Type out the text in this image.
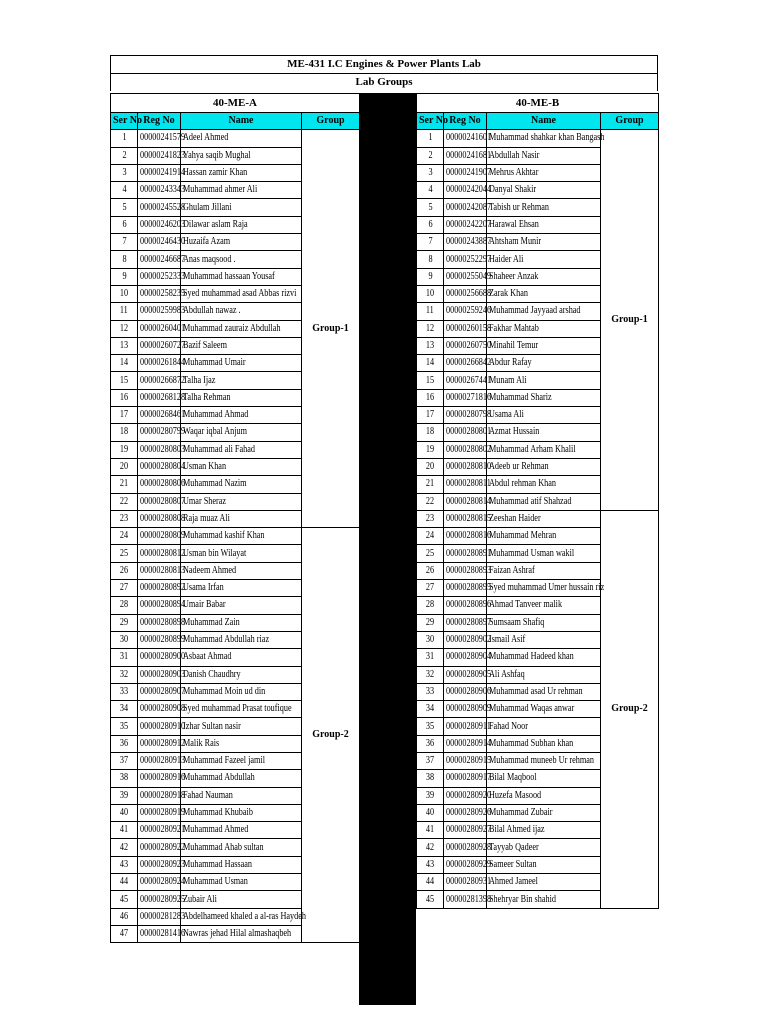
ME-431 I.C Engines & Power Plants Lab
Lab Groups
40-ME-A			
Ser No	Reg No	Name	Group
1	00000241579	Adeel Ahmed	Group-1
2	00000241823	Yahya saqib Mughal	
3	00000241914	Hassan zamir Khan	
4	00000243343	Muhammad ahmer Ali	
5	00000245528	Ghulam Jillani	
6	00000246203	Dilawar aslam Raja	
7	00000246430	Huzaifa Azam	
8	00000246687	Anas maqsood .	
9	00000252333	Muhammad hassaan Yousaf	
10	00000258235	Syed muhammad asad Abbas rizvi	
11	00000259983	Abdullah nawaz .	
12	00000260401	Muhammad zauraiz Abdullah	
13	00000260727	Bazif Saleem	
14	00000261844	Muhammad Umair	
15	00000266872	Talha Ijaz	
16	00000268128	Talha Rehman	
17	00000268461	Muhammad Ahmad	
18	00000280799	Waqar iqbal Anjum	
19	00000280803	Muhammad ali Fahad	
20	00000280804	Usman Khan	
21	00000280806	Muhammad Nazim	
22	00000280807	Umar Sheraz	
23	00000280808	Raja muaz Ali	
24	00000280809	Muhammad kashif Khan	Group-2
25	00000280812	Usman bin Wilayat	
26	00000280813	Nadeem Ahmed	
27	00000280892	Usama Irfan	
28	00000280894	Umair Babar	
29	00000280898	Muhammad Zain	
30	00000280899	Muhammad Abdullah riaz	
31	00000280900	Asbaat Ahmad	
32	00000280903	Danish Chaudhry	
33	00000280907	Muhammad Moin ud din	
34	00000280908	Syed muhammad Prasat toufique	
35	00000280910	Izhar Sultan nasir	
36	00000280912	Malik Rais	
37	00000280913	Muhammad Fazeel jamil	
38	00000280916	Muhammad Abdullah	
39	00000280918	Fahad Nauman	
40	00000280919	Muhammad Khubaib	
41	00000280921	Muhammad Ahmed	
42	00000280922	Muhammad Ahab sultan	
43	00000280923	Muhammad Hassaan	
44	00000280924	Muhammad Usman	
45	00000280925	Zubair Ali	
46	00000281283	Abdelhameed khaled a al-ras Haydeh	
47	00000281416	Nawras jehad Hilal almashaqbeh	
40-ME-B			
Ser No	Reg No	Name	Group
1	00000241601	Muhammad shahkar khan Bangash	Group-1
2	00000241681	Abdullah Nasir	
3	00000241907	Mehrus Akhtar	
4	00000242044	Danyal Shakir	
5	00000242087	Tabish ur Rehman	
6	00000242207	Harawal Ehsan	
7	00000243887	Ahtsham Munir	
8	00000252297	Haider Ali	
9	00000255049	Shaheer Anzak	
10	00000256688	Zarak Khan	
11	00000259246	Muhammad Jayyaad arshad	
12	00000260158	Fakhar Mahtab	
13	00000260750	Minahil Temur	
14	00000266842	Abdur Rafay	
15	00000267441	Munam Ali	
16	00000271816	Muhammad Shariz	
17	00000280798	Usama Ali	
18	00000280801	Azmat Hussain	
19	00000280802	Muhammad Arham Khalil	
20	00000280810	Adeeb ur Rehman	
21	00000280811	Abdul rehman Khan	
22	00000280814	Muhammad atif Shahzad	
23	00000280815	Zeeshan Haider	Group-2
24	00000280816	Muhammad Mehran	
25	00000280891	Muhammad Usman wakil	
26	00000280893	Faizan Ashraf	
27	00000280895	Syed muhammad Umer hussain riz	
28	00000280896	Ahmad Tanveer malik	
29	00000280897	Sumsaam Shafiq	
30	00000280902	Ismail Asif	
31	00000280904	Muhammad Hadeed khan	
32	00000280905	Ali Ashfaq	
33	00000280906	Muhammad asad Ur rehman	
34	00000280909	Muhammad Waqas anwar	
35	00000280911	Fahad Noor	
36	00000280914	Muhammad Subhan khan	
37	00000280915	Muhammad muneeb Ur rehman	
38	00000280917	Bilal Maqbool	
39	00000280920	Huzefa Masood	
40	00000280926	Muhammad Zubair	
41	00000280927	Bilal Ahmed ijaz	
42	00000280928	Tayyab Qadeer	
43	00000280929	Sameer Sultan	
44	00000280931	Ahmed Jameel	
45	00000281398	Shehryar Bin shahid	
